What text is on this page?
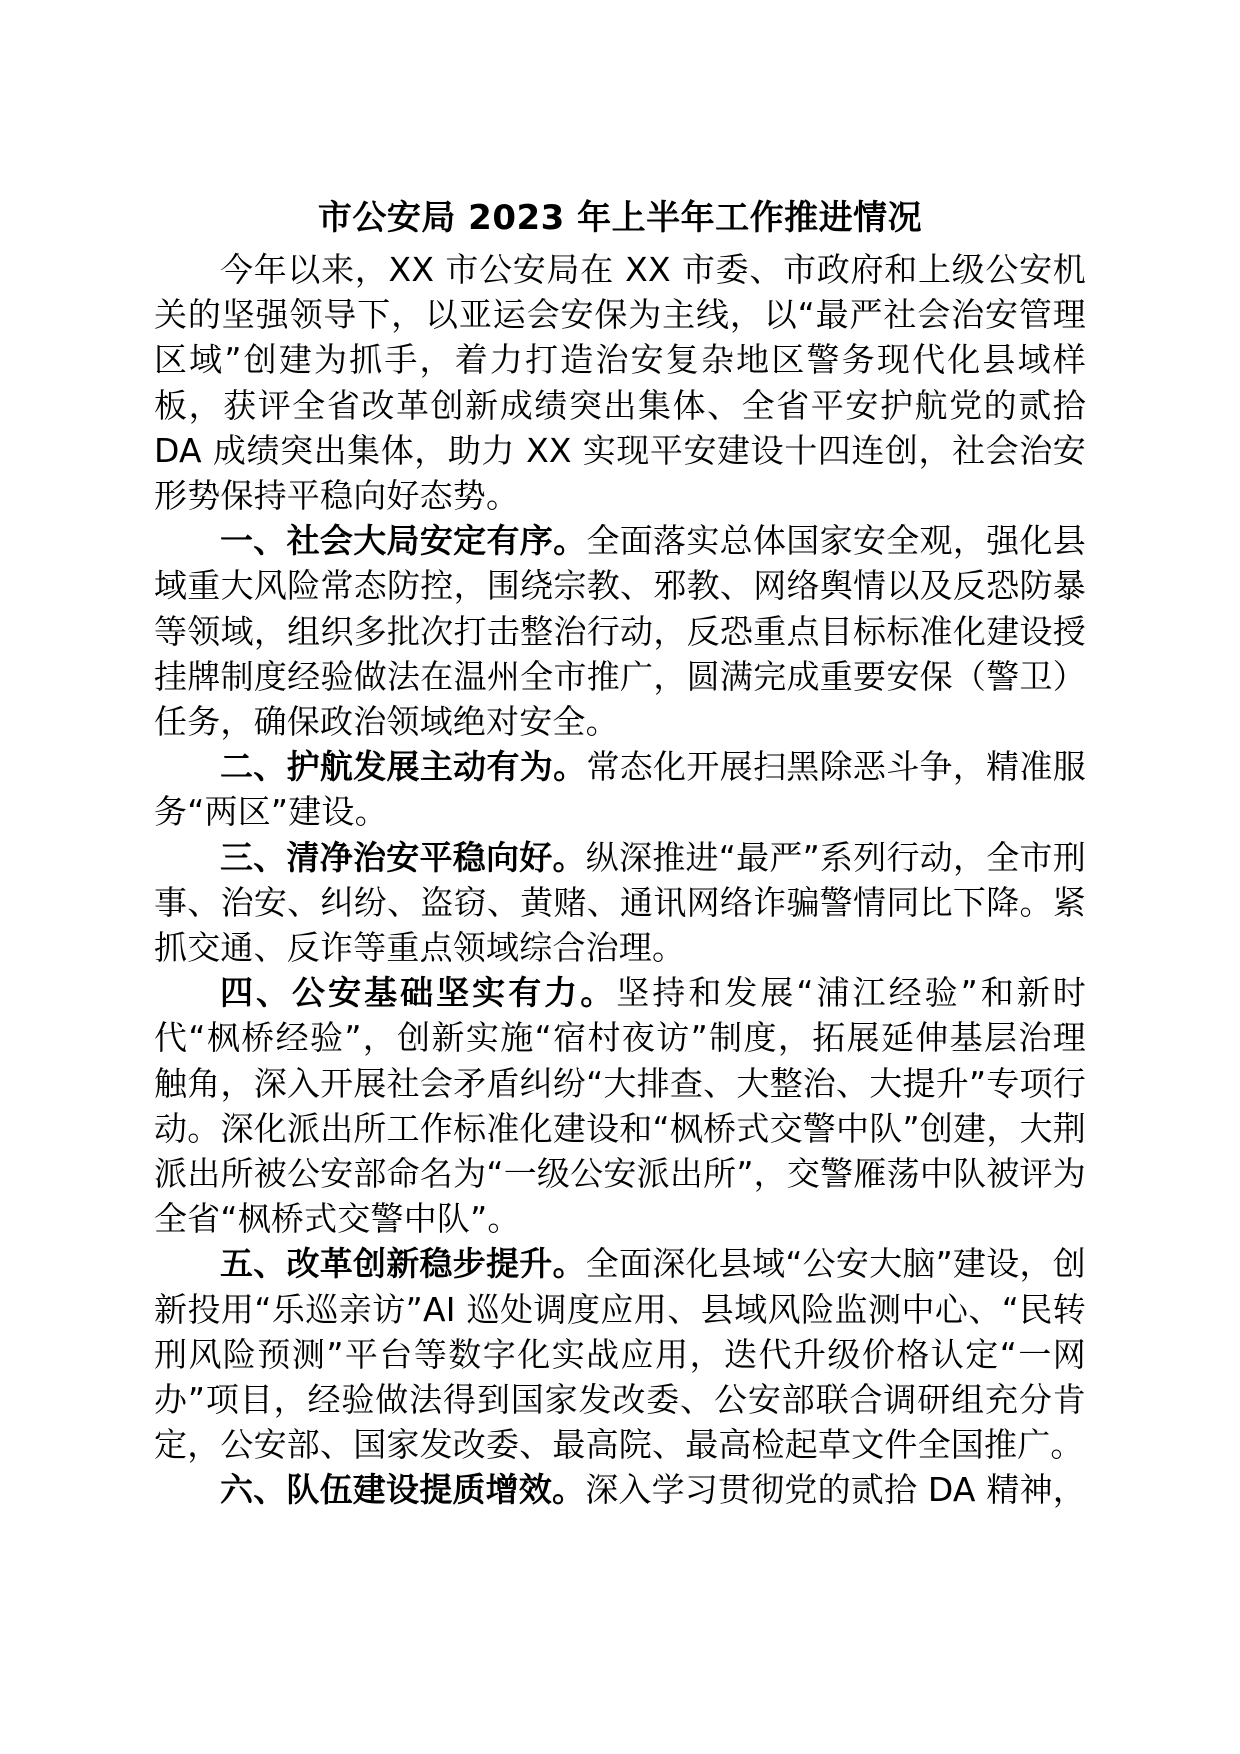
市公安局 2023 年上半年工作推进情况

今年以来，XX 市公安局在 XX 市委、市政府和上级公安机关的坚强领导下，以亚运会安保为主线，以“最严社会治安管理区域”创建为抓手，着力打造治安复杂地区警务现代化县域样板，获评全省改革创新成绩突出集体、全省平安护航党的贰拾 DA 成绩突出集体，助力 XX 实现平安建设十四连创，社会治安形势保持平稳向好态势。

一、社会大局安定有序。全面落实总体国家安全观，强化县域重大风险常态防控，围绕宗教、邪教、网络舆情以及反恐防暴等领域，组织多批次打击整治行动，反恐重点目标标准化建设授挂牌制度经验做法在温州全市推广，圆满完成重要安保（警卫）任务，确保政治领域绝对安全。

二、护航发展主动有为。常态化开展扫黑除恶斗争，精准服务“两区”建设。

三、清净治安平稳向好。纵深推进“最严”系列行动，全市刑事、治安、纠纷、盗窃、黄赌、通讯网络诈骗警情同比下降。紧抓交通、反诈等重点领域综合治理。

四、公安基础坚实有力。坚持和发展“浦江经验”和新时代“枫桥经验”，创新实施“宿村夜访”制度，拓展延伸基层治理触角，深入开展社会矛盾纠纷“大排查、大整治、大提升”专项行动。深化派出所工作标准化建设和“枫桥式交警中队”创建，大荆派出所被公安部命名为“一级公安派出所”，交警雁荡中队被评为全省“枫桥式交警中队”。

五、改革创新稳步提升。全面深化县域“公安大脑”建设，创新投用“乐巡亲访”AI 巡处调度应用、县域风险监测中心、“民转刑风险预测”平台等数字化实战应用，迭代升级价格认定“一网办”项目，经验做法得到国家发改委、公安部联合调研组充分肯定，公安部、国家发改委、最高院、最高检起草文件全国推广。

六、队伍建设提质增效。深入学习贯彻党的贰拾 DA 精神，
